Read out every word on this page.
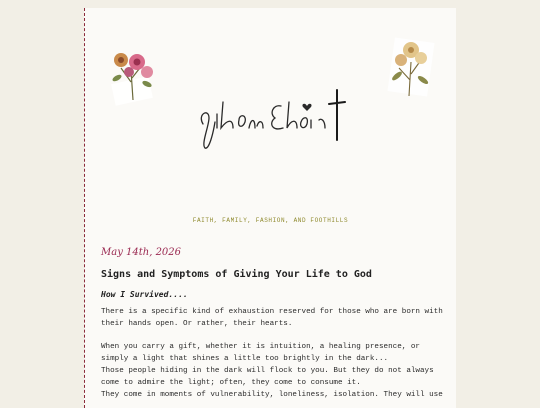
FAITH, FAMILY, FASHION, AND FOOTHILLS
May 14th, 2026
Signs and Symptoms of Giving Your Life to God
How I Survived....

There is a specific kind of exhaustion reserved for those who are born with their hands open. Or rather, their hearts.

When you carry a gift, whether it is intuition, a healing presence, or simply a light that shines a little too brightly in the dark...

Those people hiding in the dark will flock to you. But they do not always come to admire the light; often, they come to consume it.

They come in moments of vulnerability, loneliness, isolation. They will use
